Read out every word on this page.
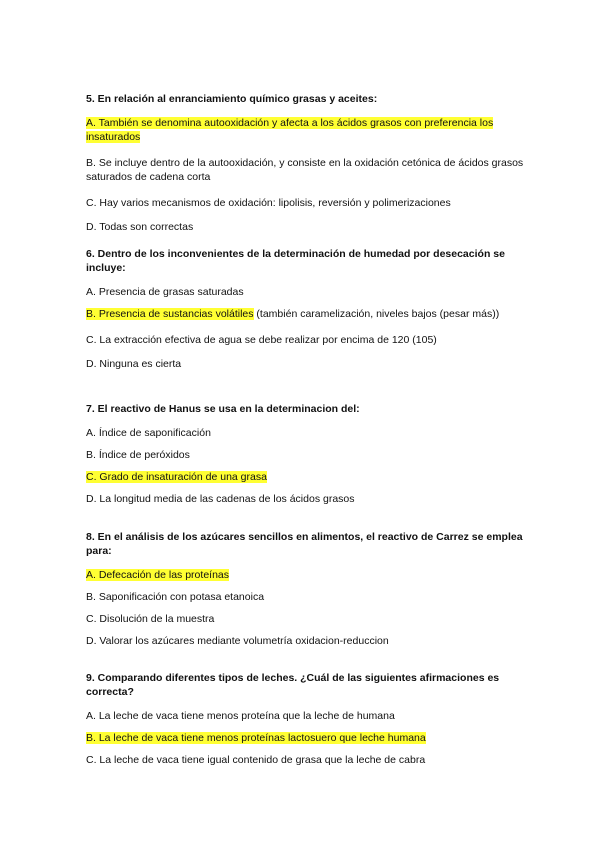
5. En relación al enranciamiento químico grasas y aceites:

A. También se denomina autooxidación y afecta a los ácidos grasos con preferencia los insaturados

B. Se incluye dentro de la autooxidación, y consiste en la oxidación cetónica de ácidos grasos saturados de cadena corta

C. Hay varios mecanismos de oxidación: lipolisis, reversión y polimerizaciones

D. Todas son correctas

6. Dentro de los inconvenientes de la determinación de humedad por desecación se incluye:

A. Presencia de grasas saturadas

B. Presencia de sustancias volátiles (también caramelización, niveles bajos (pesar más))

C. La extracción efectiva de agua se debe realizar por encima de 120 (105)

D. Ninguna es cierta

7. El reactivo de Hanus se usa en la determinacion del:

A. Índice de saponificación

B. Índice de peróxidos

C. Grado de insaturación de una grasa

D. La longitud media de las cadenas de los ácidos grasos

8. En el análisis de los azúcares sencillos en alimentos, el reactivo de Carrez se emplea para:

A. Defecación de las proteínas

B. Saponificación con potasa etanoica

C. Disolución de la muestra

D. Valorar los azúcares mediante volumetría oxidacion-reduccion

9. Comparando diferentes tipos de leches. ¿Cuál de las siguientes afirmaciones es correcta?

A. La leche de vaca tiene menos proteína que la leche de humana

B. La leche de vaca tiene menos proteínas lactosuero que leche humana

C. La leche de vaca tiene igual contenido de grasa que la leche de cabra
